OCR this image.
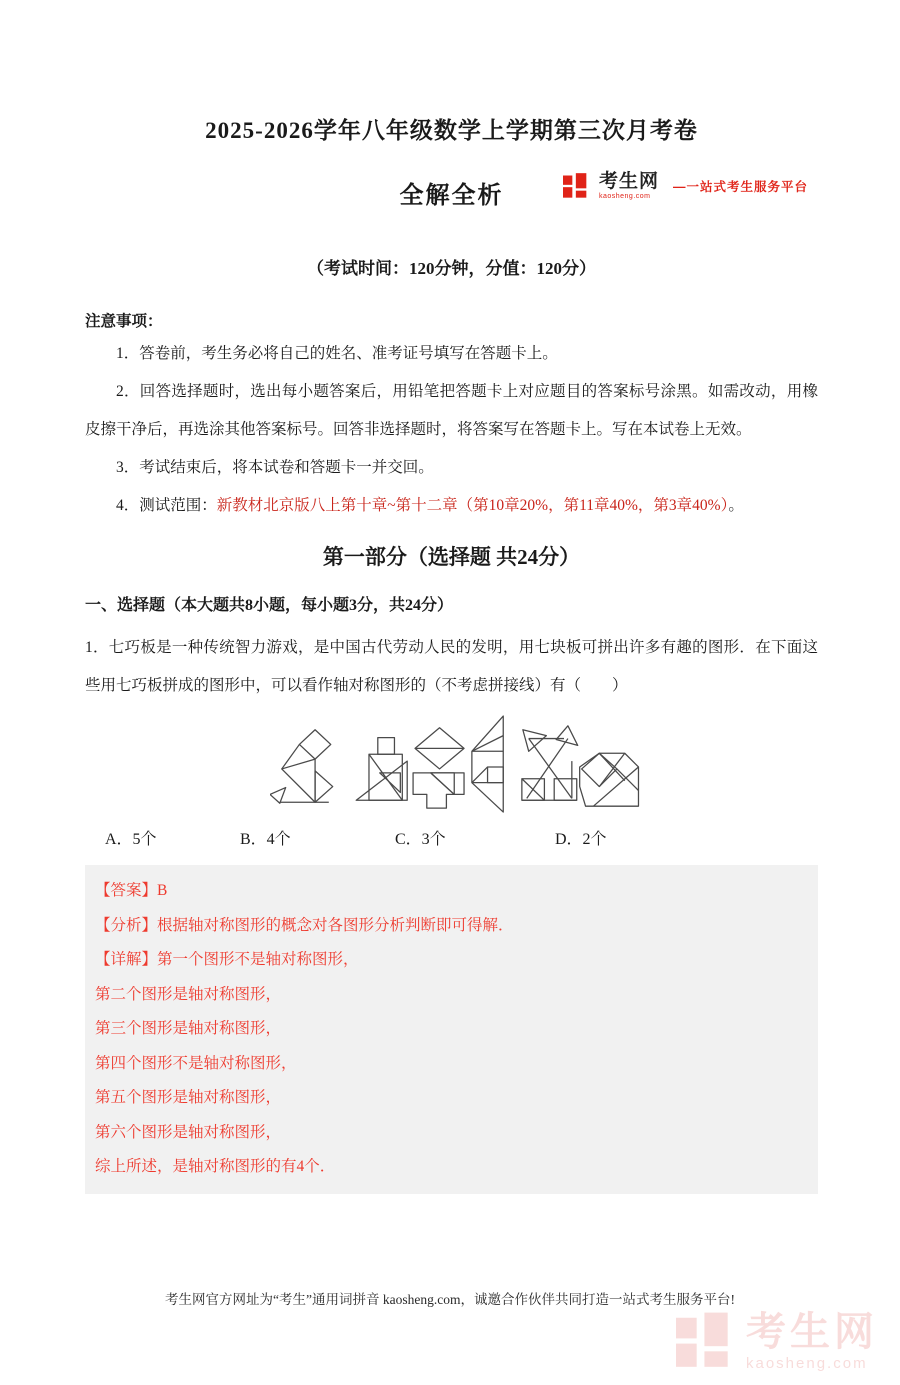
考生网
kaosheng.com
—一站式考生服务平台
2025-2026学年八年级数学上学期第三次月考卷
全解全析
（考试时间：120分钟，分值：120分）

注意事项：

1．答卷前，考生务必将自己的姓名、准考证号填写在答题卡上。

2．回答选择题时，选出每小题答案后，用铅笔把答题卡上对应题目的答案标号涂黑。如需改动，用橡皮擦干净后，再选涂其他答案标号。回答非选择题时，将答案写在答题卡上。写在本试卷上无效。

3．考试结束后，将本试卷和答题卡一并交回。

4．测试范围：新教材北京版八上第十章~第十二章（第10章20%，第11章40%，第3章40%）。

第一部分（选择题 共24分）
一、选择题（本大题共8小题，每小题3分，共24分）

1．七巧板是一种传统智力游戏，是中国古代劳动人民的发明，用七块板可拼出许多有趣的图形．在下面这些用七巧板拼成的图形中，可以看作轴对称图形的（不考虑拼接线）有（　　）

A．5个	B．4个	C．3个	D．2个

【答案】B

【分析】根据轴对称图形的概念对各图形分析判断即可得解．

【详解】第一个图形不是轴对称图形，

第二个图形是轴对称图形，

第三个图形是轴对称图形，

第四个图形不是轴对称图形，

第五个图形是轴对称图形，

第六个图形是轴对称图形，

综上所述，是轴对称图形的有4个．

考生网官方网址为“考生”通用词拼音 kaosheng.com，诚邀合作伙伴共同打造一站式考生服务平台!
考生网
kaosheng.com
